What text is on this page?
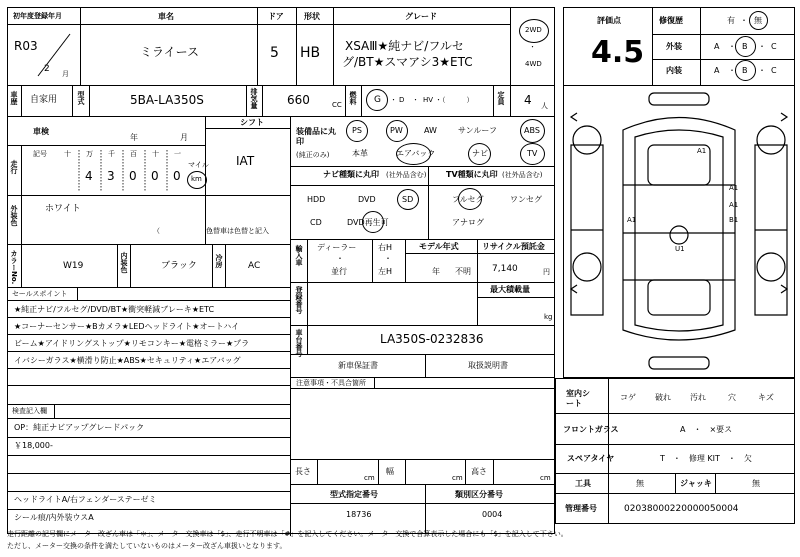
初年度登録年月
R03
2 月
車名
ミライース
ドア
5
形状
HB
グレード
XSAⅢ★純ナビ/フルセ
グ/BT★スマアシ3★ETC
2WD
・
4WD
評価点
4.5
修復歴	有 ・ 無
外装	A ・ B ・ C
内装	A ・ B ・ C
車歴 自家用	型式	5BA-LA350S	排気量 660	CC 燃料 G ・ D ・ HV ・（　　　）	定員 4 人
車検
年	月
シフト
IAT
走行
記号 十 万 千 百 十 一
4 3 0 0 0
マイル
km
外装色	ホワイト
（　　　　　　　）
色替車は色替と記入
カラーNo.	W19	内装色	ブラック	冷房	AC
セールスポイント
★純正ナビ/フルセグ/DVD/BT★衝突軽減ブレーキ★ETC
★コーナーセンサー★Bカメラ★LEDヘッドライト★オートハイ
ビーム★アイドリングストップ★リモコンキー★電格ミラー★プラ
イバシーガラス★横滑り防止★ABS★セキュリティ★エアバッグ
検査記入欄
OP：純正ナビアップグレードパック
￥18,000-
ヘッドライトA/右フェンダーステーゼミ
シール痕/内外装ウスA
装備品に丸印
(純正のみ)
PS	PW	AW	サンルーフ	ABS
本革	エアバック	ナビ	TV
ナビ種類に丸印 (社外品含む)
HDD	DVD	SD
CD	DVD再生可
TV種類に丸印 (社外品含む)
フルセグ	ワンセグ
アナログ
輸入車 ディーラー
・
並行
右H
・
左H
モデル年式
年 不明
リサイクル預託金
7,140	円
登録番号	最大積載量
kg
車台番号	LA350S-0232836
新車保証書	取扱説明書
注意事項・不具合箇所
長さ
cm
幅
cm
高さ
cm
型式指定番号
18736
類別区分番号
0004
A1
A1
A1
A1	B1
U1
室内シート
コゲ 破れ 汚れ	穴	キズ
フロントガラス	A　・　×要ス
スペアタイヤ	T　・　修理 KIT　・　欠
工具	無	ジャッキ	無
管理番号	02038000220000050004
走行距離の記号欄にメーター改ざん車は「＊」、メーター交換車は「$」、走行不明車は「#」を記入してください。メーター交換で合算表示した場合にも「$」を記入して下さい。
ただし、メーター交換の条件を満たしていないものはメーター改ざん車扱いとなります。
